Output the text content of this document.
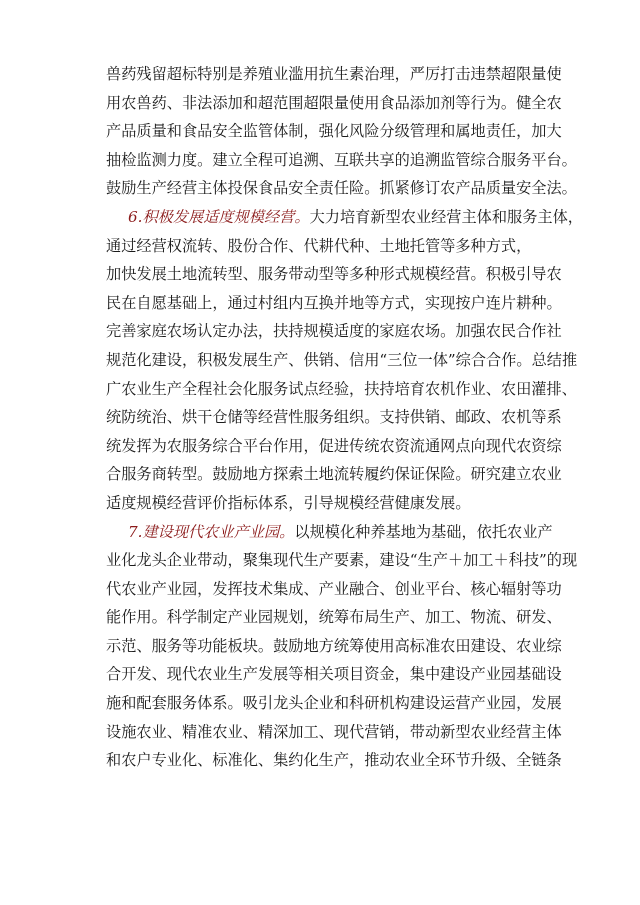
兽药残留超标特别是养殖业滥用抗生素治理，严厉打击违禁超限量使
用农兽药、非法添加和超范围超限量使用食品添加剂等行为。健全农
产品质量和食品安全监管体制，强化风险分级管理和属地责任，加大
抽检监测力度。建立全程可追溯、互联共享的追溯监管综合服务平台。
鼓励生产经营主体投保食品安全责任险。抓紧修订农产品质量安全法。
6.积极发展适度规模经营。大力培育新型农业经营主体和服务主体，
通过经营权流转、股份合作、代耕代种、土地托管等多种方式，
加快发展土地流转型、服务带动型等多种形式规模经营。积极引导农
民在自愿基础上，通过村组内互换并地等方式，实现按户连片耕种。
完善家庭农场认定办法，扶持规模适度的家庭农场。加强农民合作社
规范化建设，积极发展生产、供销、信用“三位一体”综合合作。总结推
广农业生产全程社会化服务试点经验，扶持培育农机作业、农田灌排、
统防统治、烘干仓储等经营性服务组织。支持供销、邮政、农机等系
统发挥为农服务综合平台作用，促进传统农资流通网点向现代农资综
合服务商转型。鼓励地方探索土地流转履约保证保险。研究建立农业
适度规模经营评价指标体系，引导规模经营健康发展。
7.建设现代农业产业园。以规模化种养基地为基础，依托农业产
业化龙头企业带动，聚集现代生产要素，建设“生产＋加工＋科技”的现
代农业产业园，发挥技术集成、产业融合、创业平台、核心辐射等功
能作用。科学制定产业园规划，统筹布局生产、加工、物流、研发、
示范、服务等功能板块。鼓励地方统筹使用高标准农田建设、农业综
合开发、现代农业生产发展等相关项目资金，集中建设产业园基础设
施和配套服务体系。吸引龙头企业和科研机构建设运营产业园，发展
设施农业、精准农业、精深加工、现代营销，带动新型农业经营主体
和农户专业化、标准化、集约化生产，推动农业全环节升级、全链条
